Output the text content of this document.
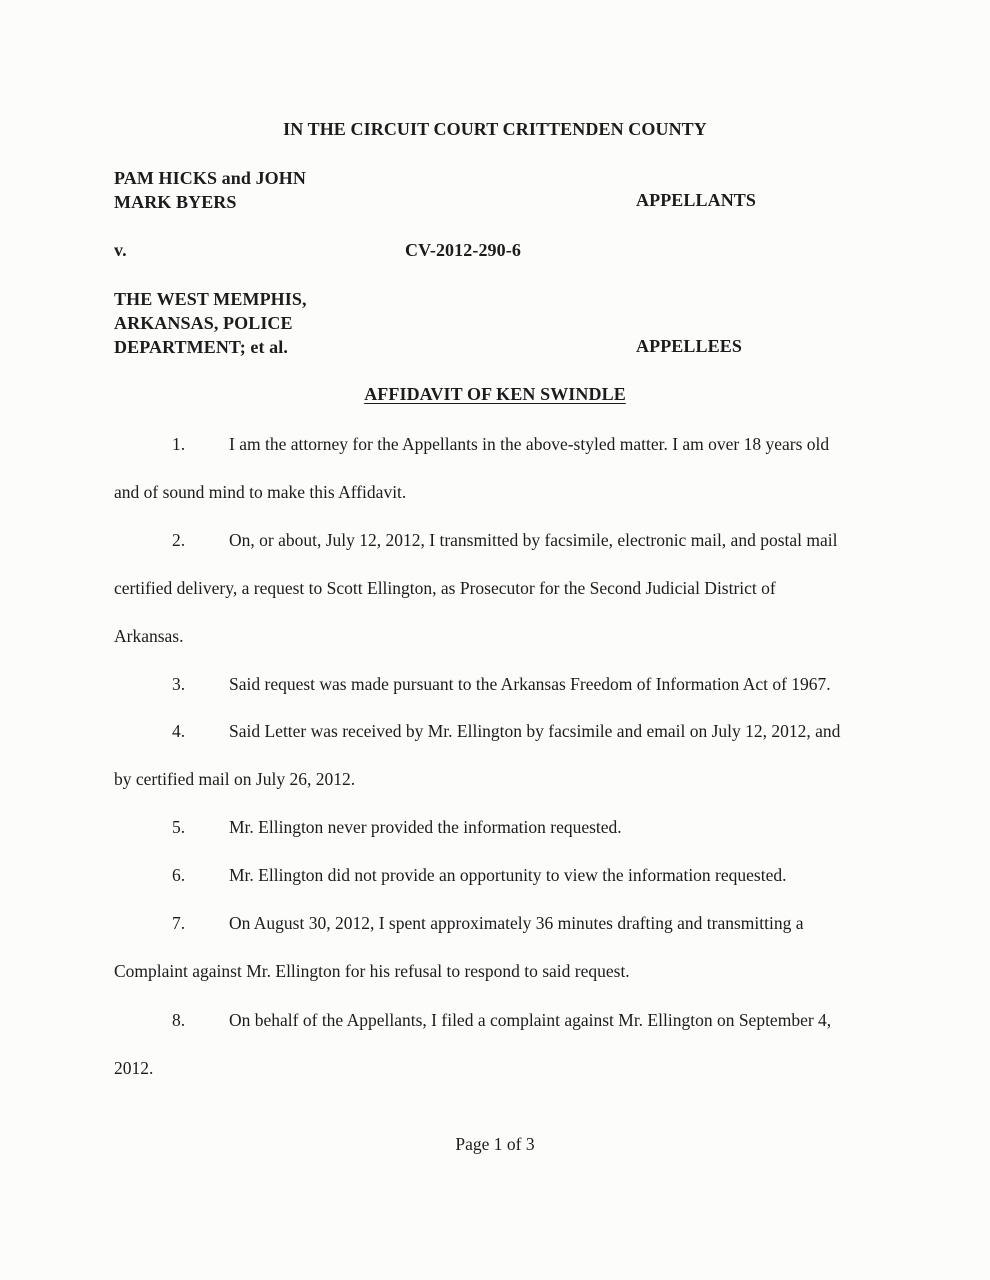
IN THE CIRCUIT COURT CRITTENDEN COUNTY

PAM HICKS and JOHN
MARK BYERS	APPELLANTS

v.	CV-2012-290-6

THE WEST MEMPHIS,
ARKANSAS, POLICE
DEPARTMENT; et al.	APPELLEES

AFFIDAVIT OF KEN SWINDLE

1.	I am the attorney for the Appellants in the above-styled matter. I am over 18 years old
and of sound mind to make this Affidavit.
2.	On, or about, July 12, 2012, I transmitted by facsimile, electronic mail, and postal mail
certified delivery, a request to Scott Ellington, as Prosecutor for the Second Judicial District of
Arkansas.
3.	Said request was made pursuant to the Arkansas Freedom of Information Act of 1967.
4.	Said Letter was received by Mr. Ellington by facsimile and email on July 12, 2012, and
by certified mail on July 26, 2012.
5.	Mr. Ellington never provided the information requested.
6.	Mr. Ellington did not provide an opportunity to view the information requested.
7.	On August 30, 2012, I spent approximately 36 minutes drafting and transmitting a
Complaint against Mr. Ellington for his refusal to respond to said request.
8.	On behalf of the Appellants, I filed a complaint against Mr. Ellington on September 4,
2012.

Page 1 of 3
